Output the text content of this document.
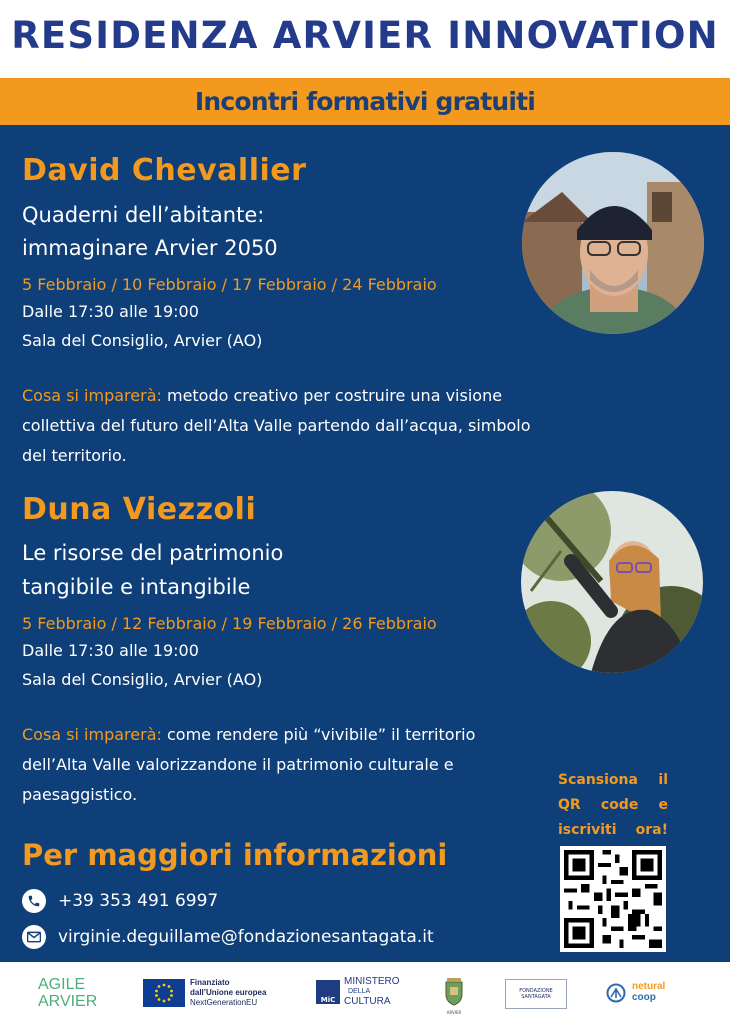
RESIDENZA ARVIER INNOVATION
Incontri formativi gratuiti
David Chevallier
Quaderni dell’abitante:
immaginare Arvier 2050
5 Febbraio / 10 Febbraio / 17 Febbraio / 24 Febbraio
Dalle 17:30 alle 19:00
Sala del Consiglio, Arvier (AO)
Cosa si imparerà: metodo creativo per costruire una visione collettiva del futuro dell’Alta Valle partendo dall’acqua, simbolo del territorio.
Duna Viezzoli
Le risorse del patrimonio
tangibile e intangibile
5 Febbraio / 12 Febbraio / 19 Febbraio / 26 Febbraio
Dalle 17:30 alle 19:00
Sala del Consiglio, Arvier (AO)
Cosa si imparerà: come rendere più “vivibile” il territorio dell’Alta Valle valorizzandone il patrimonio culturale e paesaggistico.
Scansiona il
QR code e
iscriviti ora!
Per maggiori informazioni
+39 353 491 6997
virginie.deguillame@fondazionesantagata.it
AGILE
ARVIER
Finanziato
dall’Unione europea
NextGenerationEU	MiC
MINISTERO
DELLA
CULTURA
ARVIER
FONDAZIONE SANTAGATA
netural
coop
